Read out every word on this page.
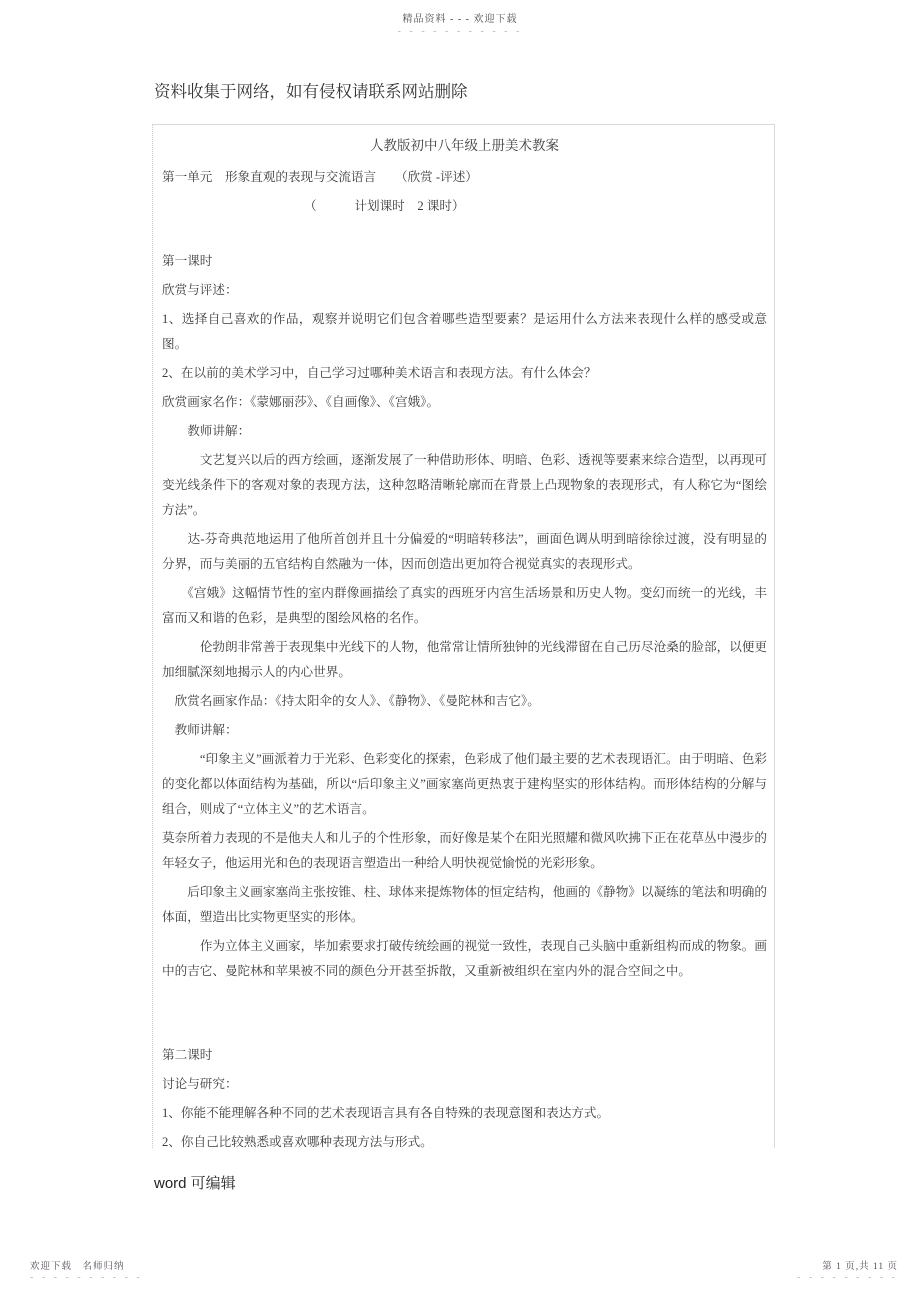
精品资料 - - - 欢迎下载
- - - - - - - - - - -
资料收集于网络，如有侵权请联系网站删除
人教版初中八年级上册美术教案
第一单元　形象直观的表现与交流语言　　（欣赏 -评述）
（　　　计划课时　2 课时）
第一课时
欣赏与评述：
1、选择自己喜欢的作品，观察并说明它们包含着哪些造型要素？是运用什么方法来表现什么样的感受或意图。
2、在以前的美术学习中，自己学习过哪种美术语言和表现方法。有什么体会？
欣赏画家名作：《蒙娜丽莎》、《自画像》、《宫娥》。
　　教师讲解：
　　　文艺复兴以后的西方绘画，逐渐发展了一种借助形体、明暗、色彩、透视等要素来综合造型，以再现可变光线条件下的客观对象的表现方法，这种忽略清晰轮廓而在背景上凸现物象的表现形式，有人称它为“图绘方法”。
　　达-芬奇典范地运用了他所首创并且十分偏爱的“明暗转移法”，画面色调从明到暗徐徐过渡，没有明显的分界，而与美丽的五官结构自然融为一体，因而创造出更加符合视觉真实的表现形式。
　　《宫娥》这幅情节性的室内群像画描绘了真实的西班牙内宫生活场景和历史人物。变幻而统一的光线，丰富而又和谐的色彩，是典型的图绘风格的名作。
　　　伦勃朗非常善于表现集中光线下的人物，他常常让情所独钟的光线滞留在自己历尽沧桑的脸部，以便更加细腻深刻地揭示人的内心世界。
　欣赏名画家作品：《持太阳伞的女人》、《静物》、《曼陀林和吉它》。
　教师讲解：
　　　“印象主义”画派着力于光彩、色彩变化的探索，色彩成了他们最主要的艺术表现语汇。由于明暗、色彩的变化都以体面结构为基础，所以“后印象主义”画家塞尚更热衷于建构坚实的形体结构。而形体结构的分解与组合，则成了“立体主义”的艺术语言。
莫奈所着力表现的不是他夫人和儿子的个性形象，而好像是某个在阳光照耀和微风吹拂下正在花草丛中漫步的年轻女子，他运用光和色的表现语言塑造出一种给人明快视觉愉悦的光彩形象。
　　后印象主义画家塞尚主张按锥、柱、球体来提炼物体的恒定结构，他画的《静物》以凝练的笔法和明确的体面，塑造出比实物更坚实的形体。
　　　作为立体主义画家，毕加索要求打破传统绘画的视觉一致性，表现自己头脑中重新组构而成的物象。画中的吉它、曼陀林和苹果被不同的颜色分开甚至拆散，又重新被组织在室内外的混合空间之中。
第二课时
讨论与研究：
1、你能不能理解各种不同的艺术表现语言具有各自特殊的表现意图和表达方式。
2、你自己比较熟悉或喜欢哪种表现方法与形式。
word 可编辑
欢迎下载　名师归纳
- - - - - - - - - -
第 1 页,共 11 页
- - - - - - - - -
